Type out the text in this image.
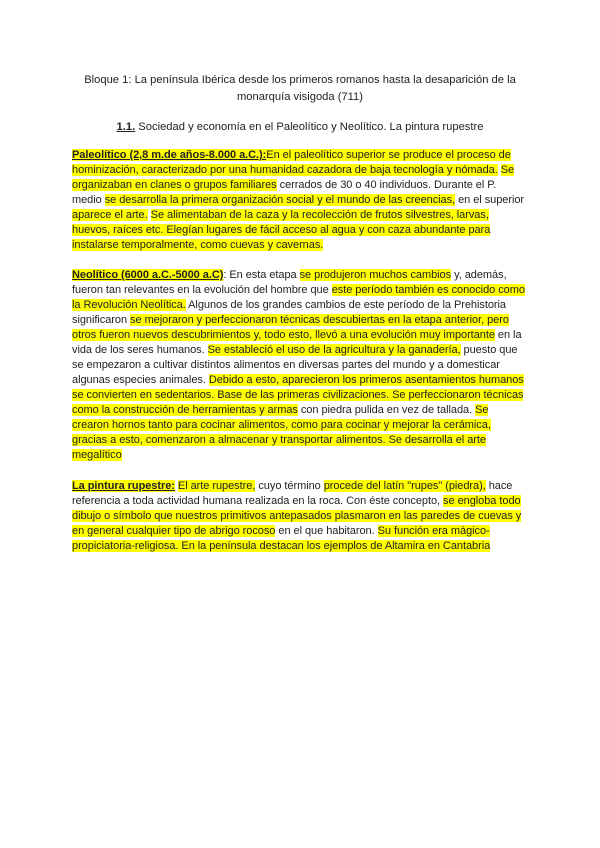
Bloque 1: La península Ibérica desde los primeros romanos hasta la desaparición de la monarquía visigoda (711)
1.1. Sociedad y economía en el Paleolítico y Neolítico. La pintura rupestre

Paleolítico (2,8 m.de años-8.000 a.C.):En el paleolítico superior se produce el proceso de hominización, caracterizado por una humanidad cazadora de baja tecnología y nómada. Se organizaban en clanes o grupos familiares cerrados de 30 o 40 individuos. Durante el P. medio se desarrolla la primera organización social y el mundo de las creencias, en el superior aparece el arte. Se alimentaban de la caza y la recolección de frutos silvestres, larvas, huevos, raíces etc. Elegían lugares de fácil acceso al agua y con caza abundante para instalarse temporalmente, como cuevas y cavernas.

Neolítico (6000 a.C.-5000 a.C): En esta etapa se produjeron muchos cambios y, además, fueron tan relevantes en la evolución del hombre que este período también es conocido como la Revolución Neolítica. Algunos de los grandes cambios de este período de la Prehistoria significaron se mejoraron y perfeccionaron técnicas descubiertas en la etapa anterior, pero otros fueron nuevos descubrimientos y, todo esto, llevó a una evolución muy importante en la vida de los seres humanos. Se estableció el uso de la agricultura y la ganadería, puesto que se empezaron a cultivar distintos alimentos en diversas partes del mundo y a domesticar algunas especies animales. Debido a esto, aparecieron los primeros asentamientos humanos se convierten en sedentarios. Base de las primeras civilizaciones. Se perfeccionaron técnicas como la construcción de herramientas y armas con piedra pulida en vez de tallada. Se crearon hornos tanto para cocinar alimentos, como para cocinar y mejorar la cerámica, gracias a esto, comenzaron a almacenar y transportar alimentos. Se desarrolla el arte megalítico

La pintura rupestre: El arte rupestre, cuyo término procede del latín "rupes" (piedra), hace referencia a toda actividad humana realizada en la roca. Con éste concepto, se engloba todo dibujo o símbolo que nuestros primitivos antepasados plasmaron en las paredes de cuevas y en general cualquier tipo de abrigo rocoso en el que habitaron. Su función era mágico-propiciatoria-religiosa. En la península destacan los ejemplos de Altamira en Cantabria
